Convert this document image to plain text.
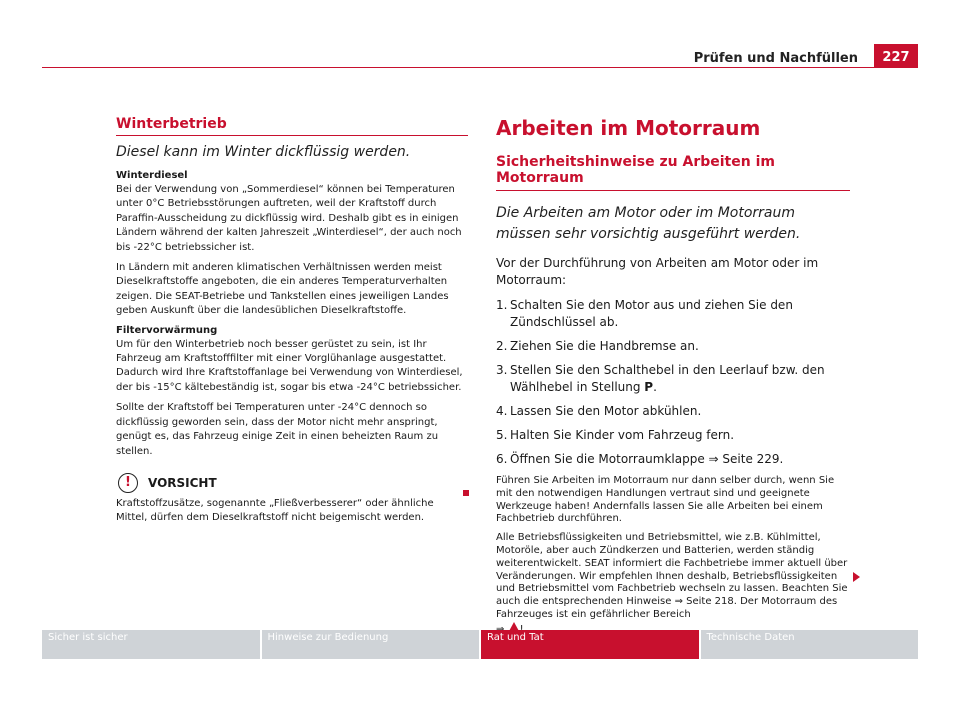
Prüfen und Nachfüllen	227
Winterbetrieb

Diesel kann im Winter dickflüssig werden.

Winterdiesel

Bei der Verwendung von „Sommerdiesel“ können bei Temperaturen unter 0°C Betriebsstörungen auftreten, weil der Kraftstoff durch Paraffin-Ausscheidung zu dickflüssig wird. Deshalb gibt es in einigen Ländern während der kalten Jahreszeit „Winterdiesel“, der auch noch bis -22°C betriebssicher ist.

In Ländern mit anderen klimatischen Verhältnissen werden meist Dieselkraftstoffe angeboten, die ein anderes Temperaturverhalten zeigen. Die SEAT-Betriebe und Tankstellen eines jeweiligen Landes geben Auskunft über die landesüblichen Dieselkraftstoffe.

Filtervorwärmung

Um für den Winterbetrieb noch besser gerüstet zu sein, ist Ihr Fahrzeug am Kraftstofffilter mit einer Vorglühanlage ausgestattet. Dadurch wird Ihre Kraftstoffanlage bei Verwendung von Winterdiesel, der bis -15°C kältebeständig ist, sogar bis etwa -24°C betriebssicher.

Sollte der Kraftstoff bei Temperaturen unter -24°C dennoch so dickflüssig geworden sein, dass der Motor nicht mehr anspringt, genügt es, das Fahrzeug einige Zeit in einen beheizten Raum zu stellen.

!	VORSICHT

Kraftstoffzusätze, sogenannte „Fließverbesserer“ oder ähnliche Mittel, dürfen dem Dieselkraftstoff nicht beigemischt werden.

Arbeiten im Motorraum
Sicherheitshinweise zu Arbeiten im Motorraum

Die Arbeiten am Motor oder im Motorraum müssen sehr vorsichtig ausgeführt werden.

Vor der Durchführung von Arbeiten am Motor oder im Motorraum:

1. Schalten Sie den Motor aus und ziehen Sie den Zündschlüssel ab.
2. Ziehen Sie die Handbremse an.
3. Stellen Sie den Schalthebel in den Leerlauf bzw. den Wählhebel in Stellung P.
4. Lassen Sie den Motor abkühlen.
5. Halten Sie Kinder vom Fahrzeug fern.
6. Öffnen Sie die Motorraumklappe ⇒ Seite 229.

Führen Sie Arbeiten im Motorraum nur dann selber durch, wenn Sie mit den notwendigen Handlungen vertraut sind und geeignete Werkzeuge haben! Andernfalls lassen Sie alle Arbeiten bei einem Fachbetrieb durchführen.

Alle Betriebsflüssigkeiten und Betriebsmittel, wie z.B. Kühlmittel, Motoröle, aber auch Zündkerzen und Batterien, werden ständig weiterentwickelt. SEAT informiert die Fachbetriebe immer aktuell über Veränderungen. Wir empfehlen Ihnen deshalb, Betriebsflüssigkeiten und Betriebsmittel vom Fachbetrieb wechseln zu lassen. Beachten Sie auch die entsprechenden Hinweise ⇒ Seite 218. Der Motorraum des Fahrzeuges ist ein gefährlicher Bereich

Sicher ist sicher	Hinweise zur Bedienung	Rat und Tat	Technische Daten
